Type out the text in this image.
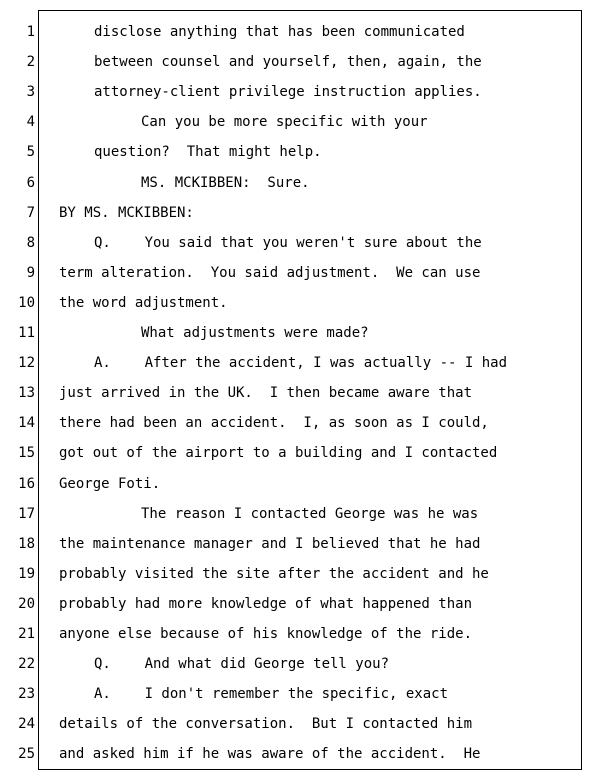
1	disclose anything that has been communicated
2	between counsel and yourself, then, again, the
3	attorney-client privilege instruction applies.
4	Can you be more specific with your
5	question?  That might help.
6	MS. MCKIBBEN:  Sure.
7 BY MS. MCKIBBEN:
8	Q.    You said that you weren't sure about the
9 term alteration.  You said adjustment.  We can use
10 the word adjustment.
11	What adjustments were made?
12	A.    After the accident, I was actually -- I had
13 just arrived in the UK.  I then became aware that
14 there had been an accident.  I, as soon as I could,
15 got out of the airport to a building and I contacted
16 George Foti.
17	The reason I contacted George was he was
18 the maintenance manager and I believed that he had
19 probably visited the site after the accident and he
20 probably had more knowledge of what happened than
21 anyone else because of his knowledge of the ride.
22	Q.    And what did George tell you?
23	A.    I don't remember the specific, exact
24 details of the conversation.  But I contacted him
25 and asked him if he was aware of the accident.  He
